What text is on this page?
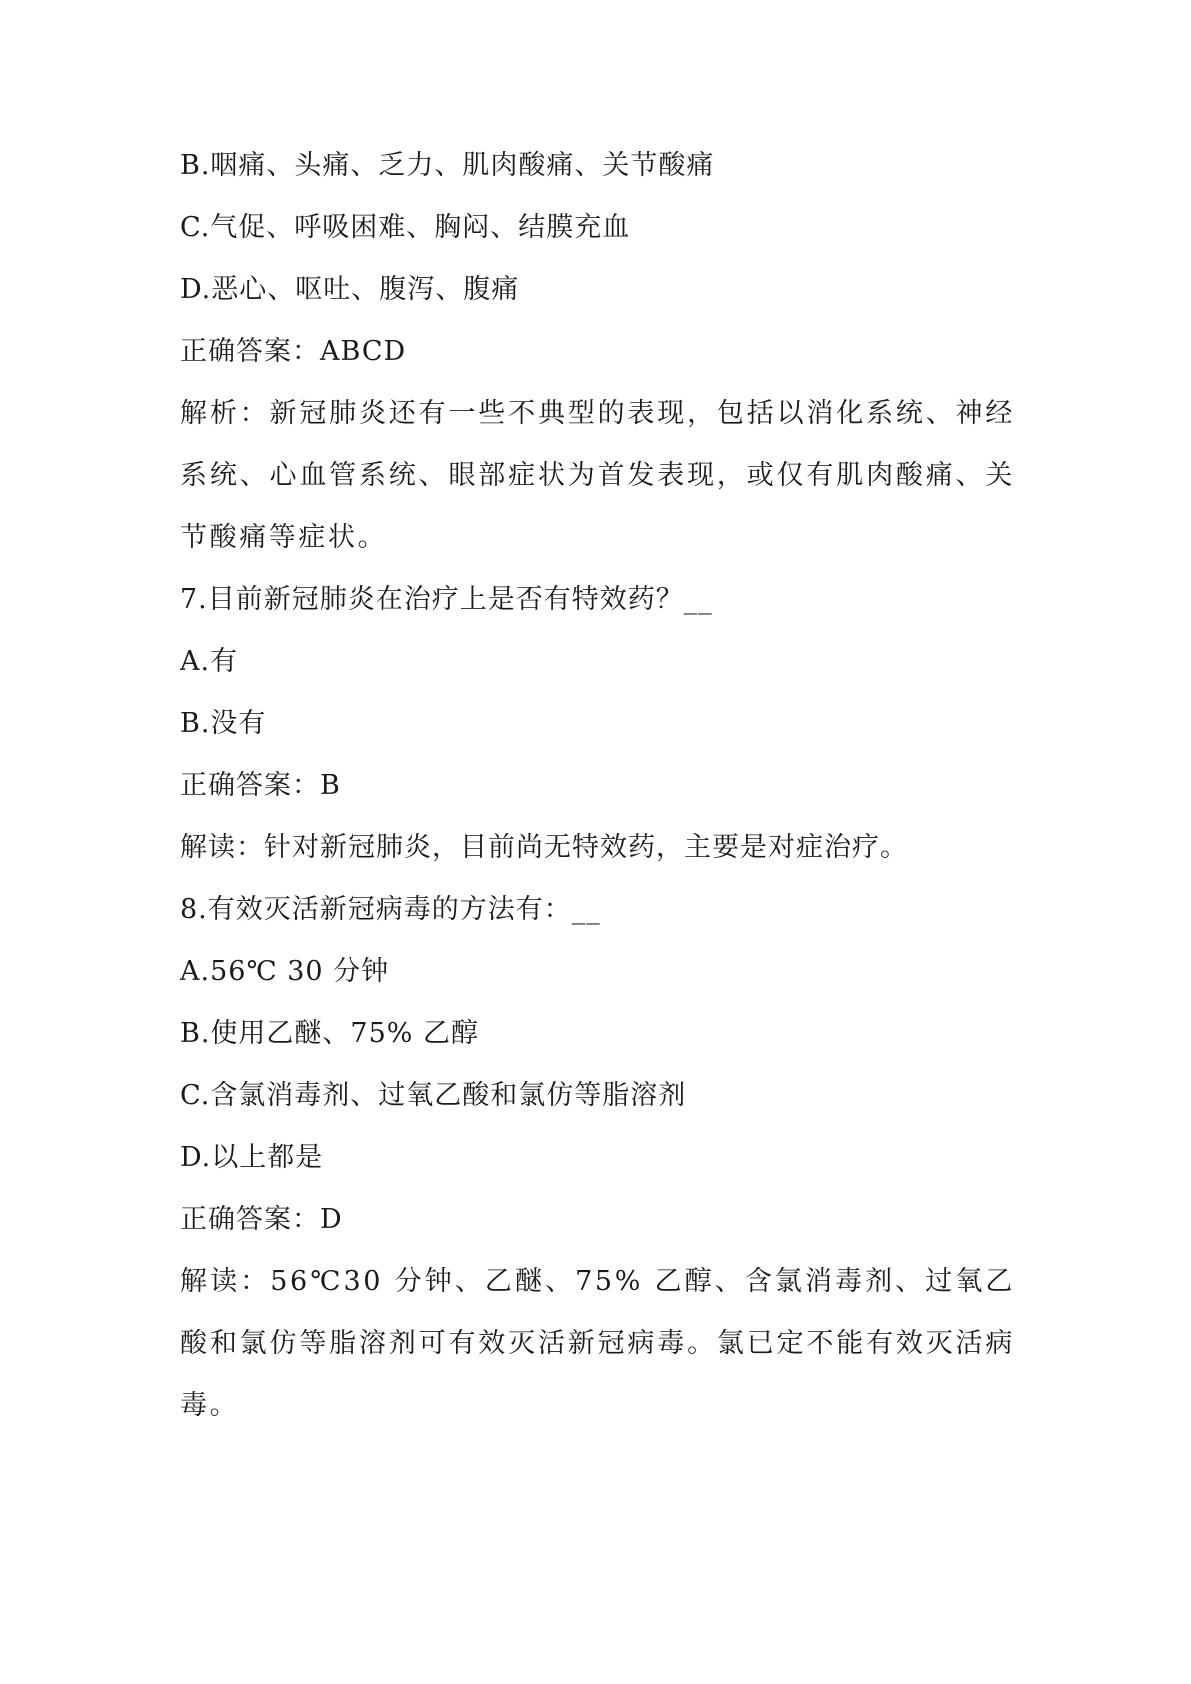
B.咽痛、头痛、乏力、肌肉酸痛、关节酸痛
C.气促、呼吸困难、胸闷、结膜充血
D.恶心、呕吐、腹泻、腹痛
正确答案：ABCD
解析：新冠肺炎还有一些不典型的表现，包括以消化系统、神经系统、心血管系统、眼部症状为首发表现，或仅有肌肉酸痛、关节酸痛等症状。
7.目前新冠肺炎在治疗上是否有特效药？__
A.有
B.没有
正确答案：B
解读：针对新冠肺炎，目前尚无特效药，主要是对症治疗。
8.有效灭活新冠病毒的方法有：__
A.56℃ 30 分钟
B.使用乙醚、75% 乙醇
C.含氯消毒剂、过氧乙酸和氯仿等脂溶剂
D.以上都是
正确答案：D
解读：56℃30 分钟、乙醚、75% 乙醇、含氯消毒剂、过氧乙酸和氯仿等脂溶剂可有效灭活新冠病毒。氯已定不能有效灭活病毒。
